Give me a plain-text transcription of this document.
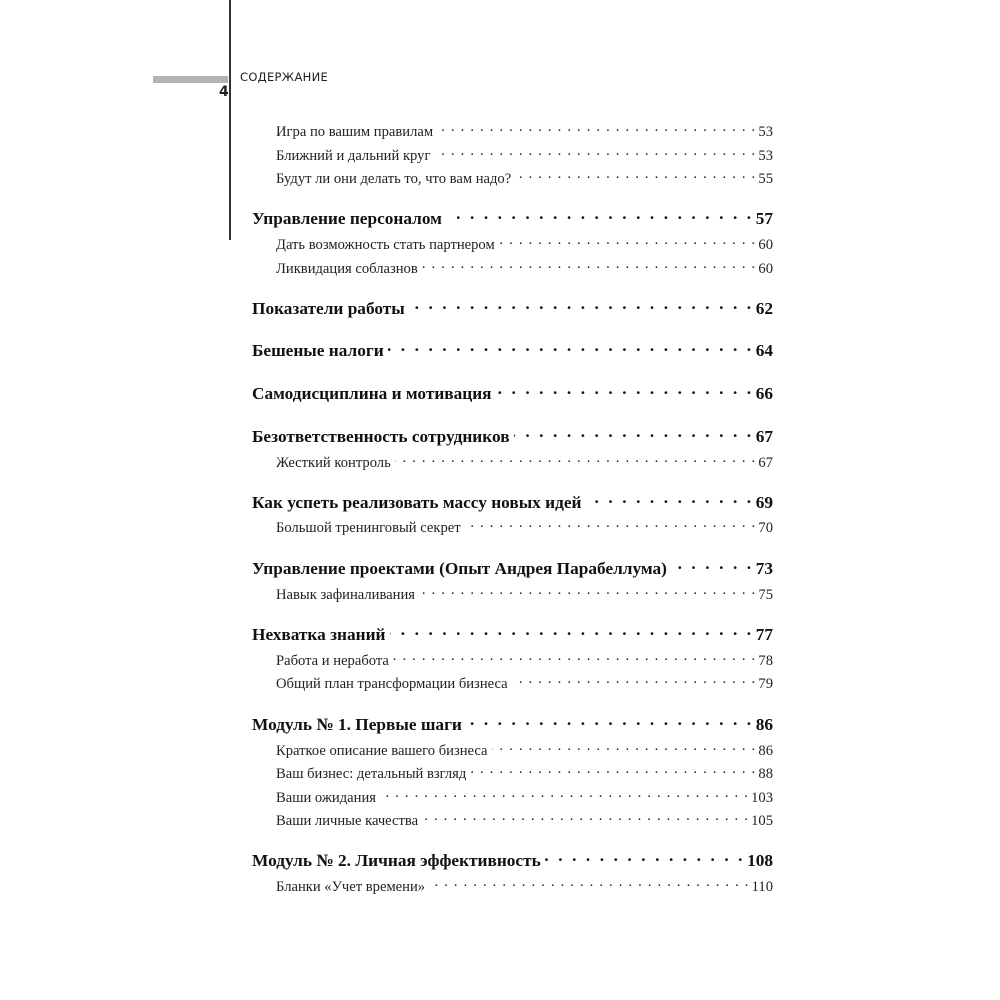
4
СОДЕРЖАНИЕ
Игра по вашим правилам . . .	53
Ближний и дальний круг . . .	53
Будут ли они делать то, что вам надо? . . .	55
Управление персоналом . . .	57
Дать возможность стать партнером . . .	60
Ликвидация соблазнов . . .	60
Показатели работы . . .	62
Бешеные налоги . . .	64
Самодисциплина и мотивация . . .	66
Безответственность сотрудников . . .	67
Жесткий контроль . . .	67
Как успеть реализовать массу новых идей . . .	69
Большой тренинговый секрет . . .	70
Управление проектами (Опыт Андрея Парабеллума) . . .	73
Навык зафиналивания . . .	75
Нехватка знаний . . .	77
Работа и неработа . . .	78
Общий план трансформации бизнеса . . .	79
Модуль № 1. Первые шаги . . .	86
Краткое описание вашего бизнеса . . .	86
Ваш бизнес: детальный взгляд . . .	88
Ваши ожидания . . .	103
Ваши личные качества . . .	105
Модуль № 2. Личная эффективность . . .	108
Бланки «Учет времени» . . .	110
